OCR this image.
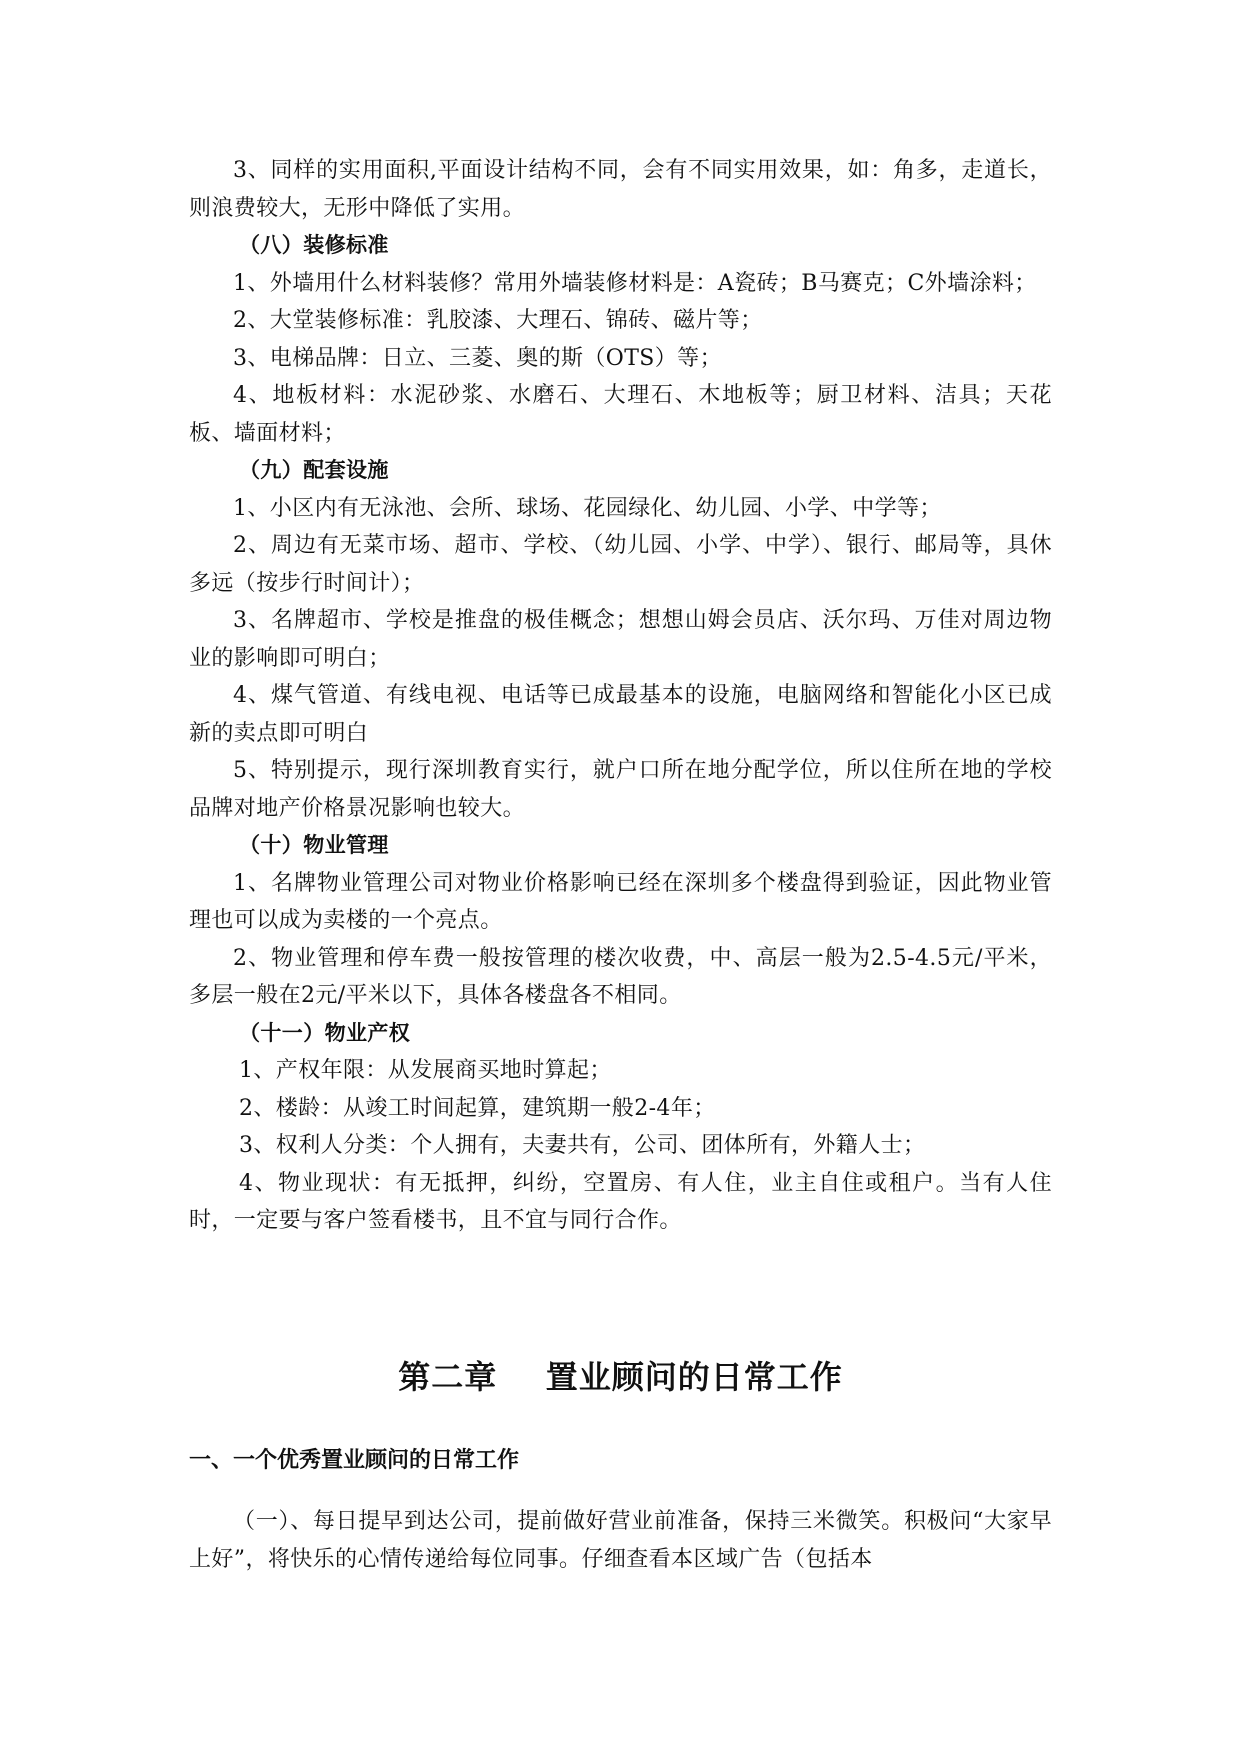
3、同样的实用面积,平面设计结构不同，会有不同实用效果，如：角多，走道长，则浪费较大，无形中降低了实用。

（八）装修标准

1、外墙用什么材料装修？常用外墙装修材料是：A瓷砖；B马赛克；C外墙涂料；

2、大堂装修标准：乳胶漆、大理石、锦砖、磁片等；

3、电梯品牌：日立、三菱、奥的斯（OTS）等；

4、地板材料：水泥砂浆、水磨石、大理石、木地板等；厨卫材料、洁具；天花板、墙面材料；

（九）配套设施

1、小区内有无泳池、会所、球场、花园绿化、幼儿园、小学、中学等；

2、周边有无菜市场、超市、学校、（幼儿园、小学、中学）、银行、邮局等，具休多远（按步行时间计）；

3、名牌超市、学校是推盘的极佳概念；想想山姆会员店、沃尔玛、万佳对周边物业的影响即可明白；

4、煤气管道、有线电视、电话等已成最基本的设施，电脑网络和智能化小区已成新的卖点即可明白

5、特别提示，现行深圳教育实行，就户口所在地分配学位，所以住所在地的学校品牌对地产价格景况影响也较大。

（十）物业管理

1、名牌物业管理公司对物业价格影响已经在深圳多个楼盘得到验证，因此物业管理也可以成为卖楼的一个亮点。

2、物业管理和停车费一般按管理的楼次收费，中、高层一般为2.5-4.5元/平米，多层一般在2元/平米以下，具体各楼盘各不相同。

（十一）物业产权

1、产权年限：从发展商买地时算起；

2、楼龄：从竣工时间起算，建筑期一般2-4年；

3、权利人分类：个人拥有，夫妻共有，公司、团体所有，外籍人士；

4、物业现状：有无抵押，纠纷，空置房、有人住，业主自住或租户。当有人住时，一定要与客户签看楼书，且不宜与同行合作。

第二章    置业顾问的日常工作
一、一个优秀置业顾问的日常工作

（一）、每日提早到达公司，提前做好营业前准备，保持三米微笑。积极问“大家早上好”，将快乐的心情传递给每位同事。仔细查看本区域广告（包括本
